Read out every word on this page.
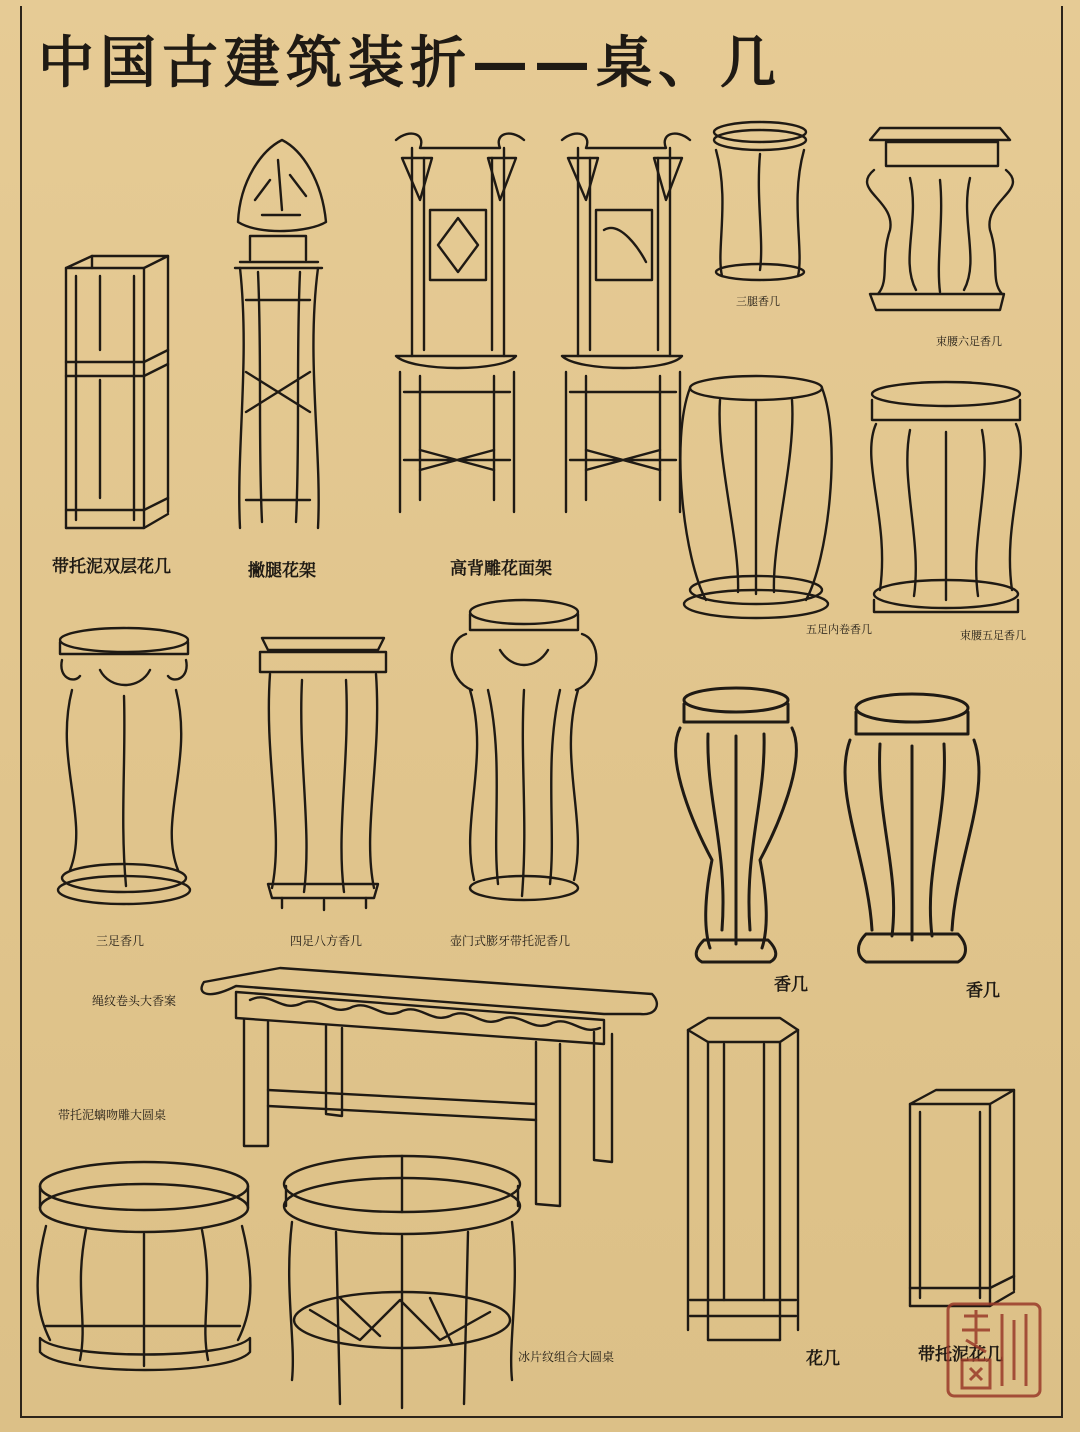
中国古建筑装折——桌、几
带托泥双层花几	撇腿花架	高背雕花面架
三腿香几
束腰六足香几
五足内卷香几	束腰五足香几
三足香几	四足八方香几	壶门式膨牙带托泥香几
香几	香几
绳纹卷头大香案
带托泥螭吻雕大圆桌
冰片纹组合大圆桌	花几	带托泥花几
